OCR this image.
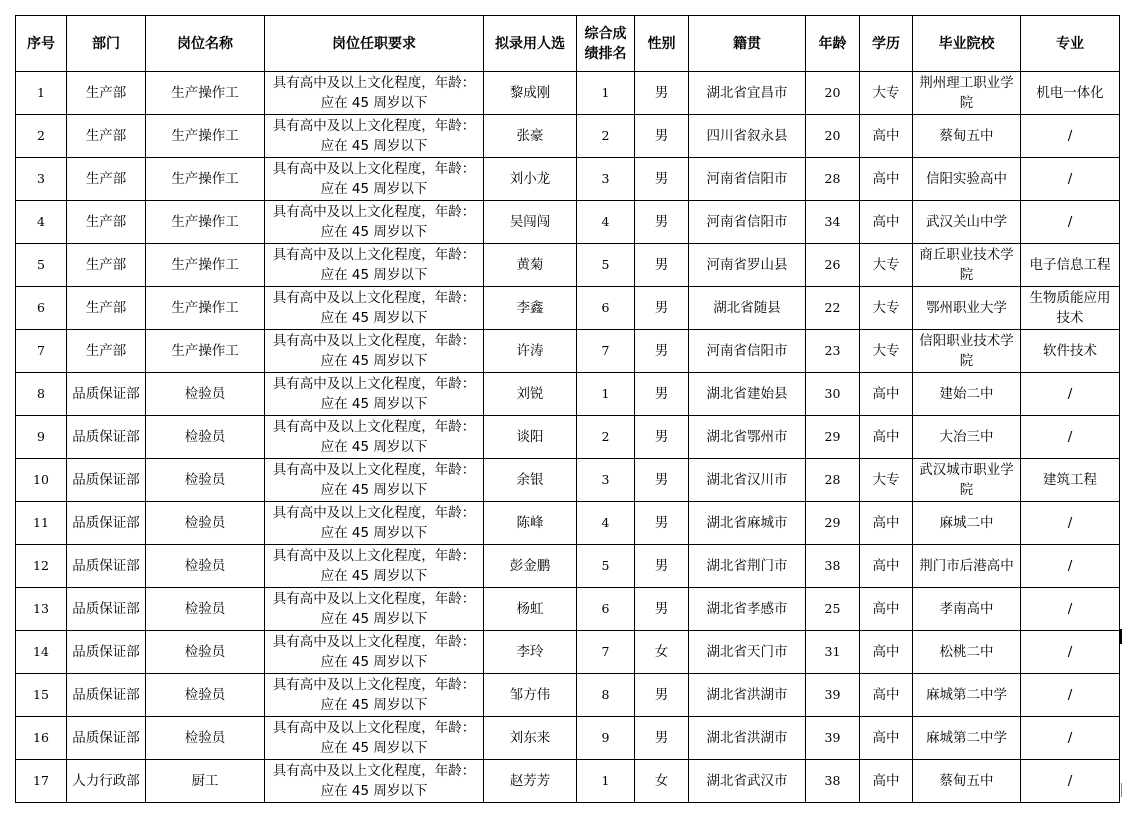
序号	部门	岗位名称	岗位任职要求	拟录用人选	综合成绩排名	性别	籍贯	年龄	学历	毕业院校	专业
1	生产部	生产操作工	具有高中及以上文化程度，年龄：应在 45 周岁以下	黎成刚	1	男	湖北省宜昌市	20	大专	荆州理工职业学院	机电一体化
2	生产部	生产操作工	具有高中及以上文化程度，年龄：应在 45 周岁以下	张豪	2	男	四川省叙永县	20	高中	蔡甸五中	/
3	生产部	生产操作工	具有高中及以上文化程度，年龄：应在 45 周岁以下	刘小龙	3	男	河南省信阳市	28	高中	信阳实验高中	/
4	生产部	生产操作工	具有高中及以上文化程度，年龄：应在 45 周岁以下	吴闯闯	4	男	河南省信阳市	34	高中	武汉关山中学	/
5	生产部	生产操作工	具有高中及以上文化程度，年龄：应在 45 周岁以下	黄菊	5	男	河南省罗山县	26	大专	商丘职业技术学院	电子信息工程
6	生产部	生产操作工	具有高中及以上文化程度，年龄：应在 45 周岁以下	李鑫	6	男	湖北省随县	22	大专	鄂州职业大学	生物质能应用技术
7	生产部	生产操作工	具有高中及以上文化程度，年龄：应在 45 周岁以下	许涛	7	男	河南省信阳市	23	大专	信阳职业技术学院	软件技术
8	品质保证部	检验员	具有高中及以上文化程度，年龄：应在 45 周岁以下	刘锐	1	男	湖北省建始县	30	高中	建始二中	/
9	品质保证部	检验员	具有高中及以上文化程度，年龄：应在 45 周岁以下	谈阳	2	男	湖北省鄂州市	29	高中	大冶三中	/
10	品质保证部	检验员	具有高中及以上文化程度，年龄：应在 45 周岁以下	余银	3	男	湖北省汉川市	28	大专	武汉城市职业学院	建筑工程
11	品质保证部	检验员	具有高中及以上文化程度，年龄：应在 45 周岁以下	陈峰	4	男	湖北省麻城市	29	高中	麻城二中	/
12	品质保证部	检验员	具有高中及以上文化程度，年龄：应在 45 周岁以下	彭金鹏	5	男	湖北省荆门市	38	高中	荆门市后港高中	/
13	品质保证部	检验员	具有高中及以上文化程度，年龄：应在 45 周岁以下	杨虹	6	男	湖北省孝感市	25	高中	孝南高中	/
14	品质保证部	检验员	具有高中及以上文化程度，年龄：应在 45 周岁以下	李玲	7	女	湖北省天门市	31	高中	松桃二中	/
15	品质保证部	检验员	具有高中及以上文化程度，年龄：应在 45 周岁以下	邹方伟	8	男	湖北省洪湖市	39	高中	麻城第二中学	/
16	品质保证部	检验员	具有高中及以上文化程度，年龄：应在 45 周岁以下	刘东来	9	男	湖北省洪湖市	39	高中	麻城第二中学	/
17	人力行政部	厨工	具有高中及以上文化程度，年龄：应在 45 周岁以下	赵芳芳	1	女	湖北省武汉市	38	高中	蔡甸五中	/
